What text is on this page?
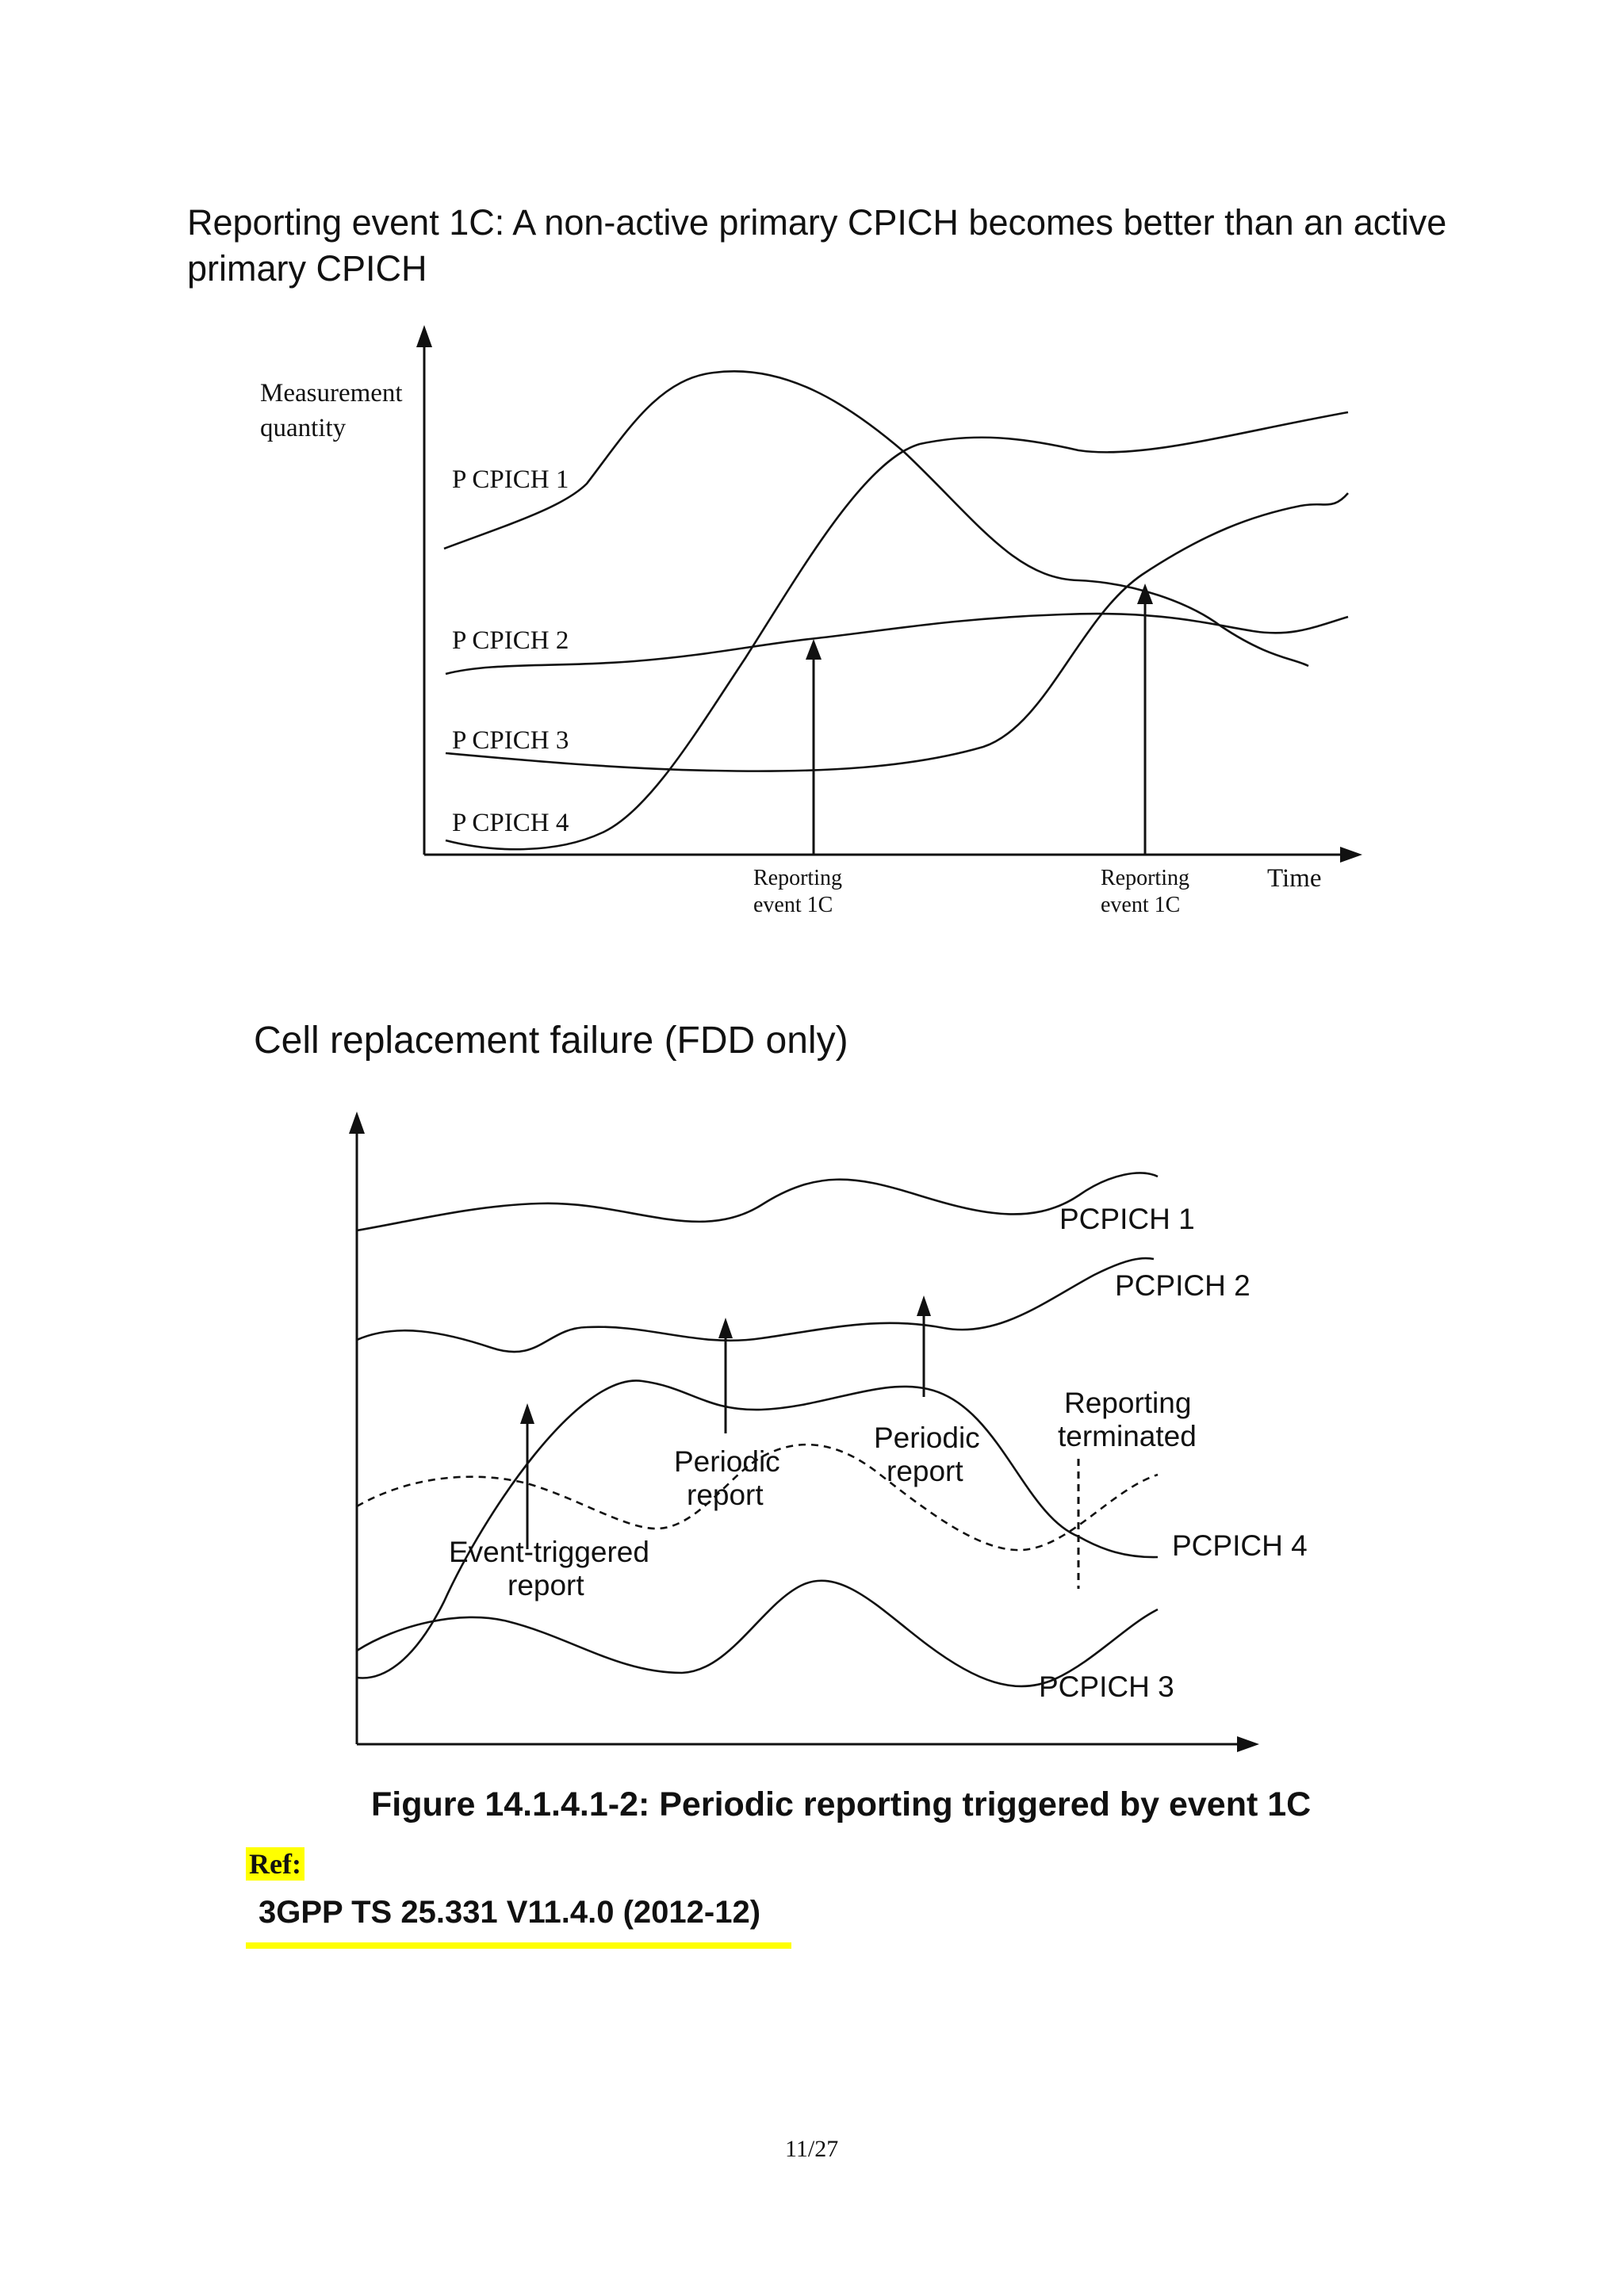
Reporting event 1C: A non-active primary CPICH becomes better than an active primary CPICH
Measurement
quantity
P CPICH 1
P CPICH 2
P CPICH 3
P CPICH 4
Reporting
event 1C
Reporting
event 1C
Time
Cell replacement failure (FDD only)
PCPICH 1
PCPICH 2
PCPICH 4
PCPICH 3
Event-triggered
report
Periodic
report
Periodic
report
Reporting
terminated
Figure 14.1.4.1-2: Periodic reporting triggered by event 1C
Ref:
3GPP TS 25.331 V11.4.0 (2012-12)
11/27
